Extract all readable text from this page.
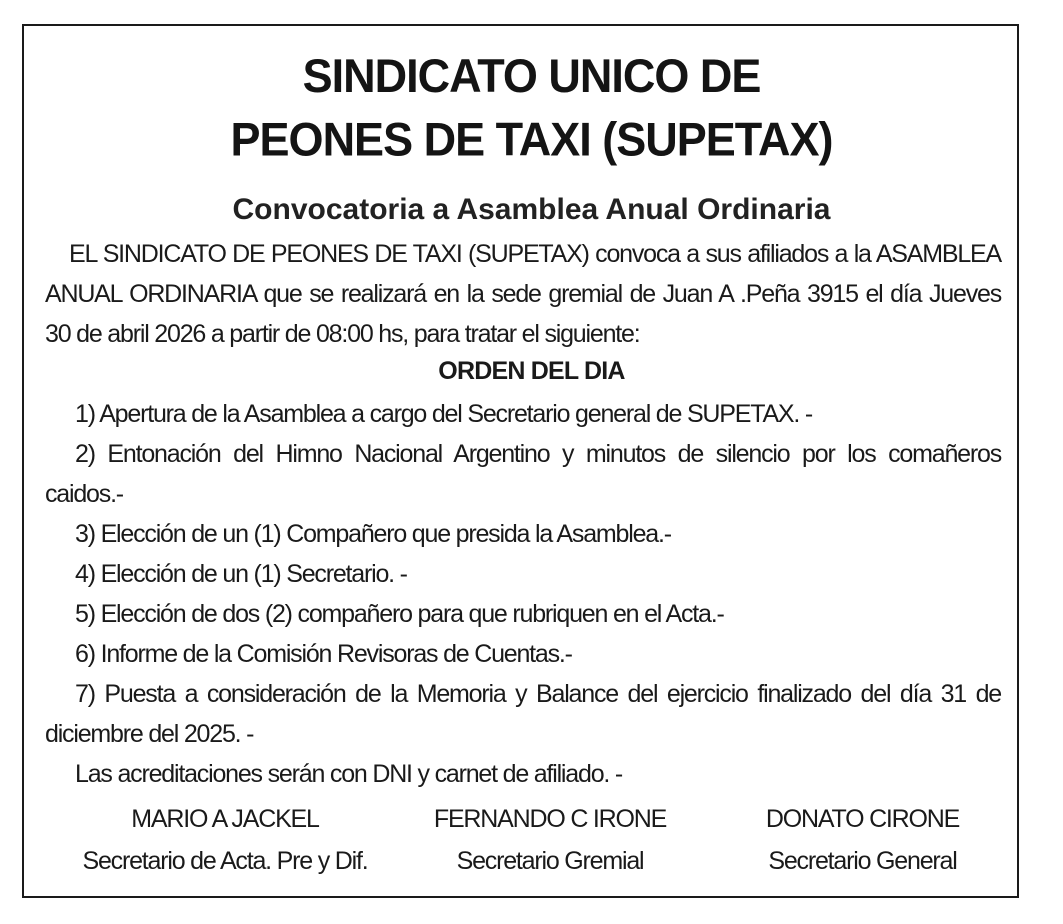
SINDICATO UNICO DE
PEONES DE TAXI (SUPETAX)
Convocatoria a Asamblea Anual Ordinaria

EL SINDICATO DE PEONES DE TAXI (SUPETAX) convoca a sus afiliados a la ASAMBLEA ANUAL ORDINARIA que se realizará en la sede gremial de Juan A .Peña 3915 el día Jueves 30 de abril 2026 a partir de 08:00 hs, para tratar el siguiente:

ORDEN DEL DIA

1) Apertura de la Asamblea a cargo del Secretario general de SUPETAX. -

2) Entonación del Himno Nacional Argentino y minutos de silencio por los comañeros caidos.-

3) Elección de un (1) Compañero que presida la Asamblea.-

4) Elección de un (1) Secretario. -

5) Elección de dos (2) compañero para que rubriquen en el Acta.-

6) Informe de la Comisión Revisoras de Cuentas.-

7) Puesta a consideración de la Memoria y Balance del ejercicio finalizado del día 31 de diciembre del 2025. -

Las acreditaciones serán con DNI y carnet de afiliado. -

MARIO A JACKEL
Secretario de Acta. Pre y Dif.
FERNANDO C IRONE
Secretario Gremial
DONATO CIRONE
Secretario General
